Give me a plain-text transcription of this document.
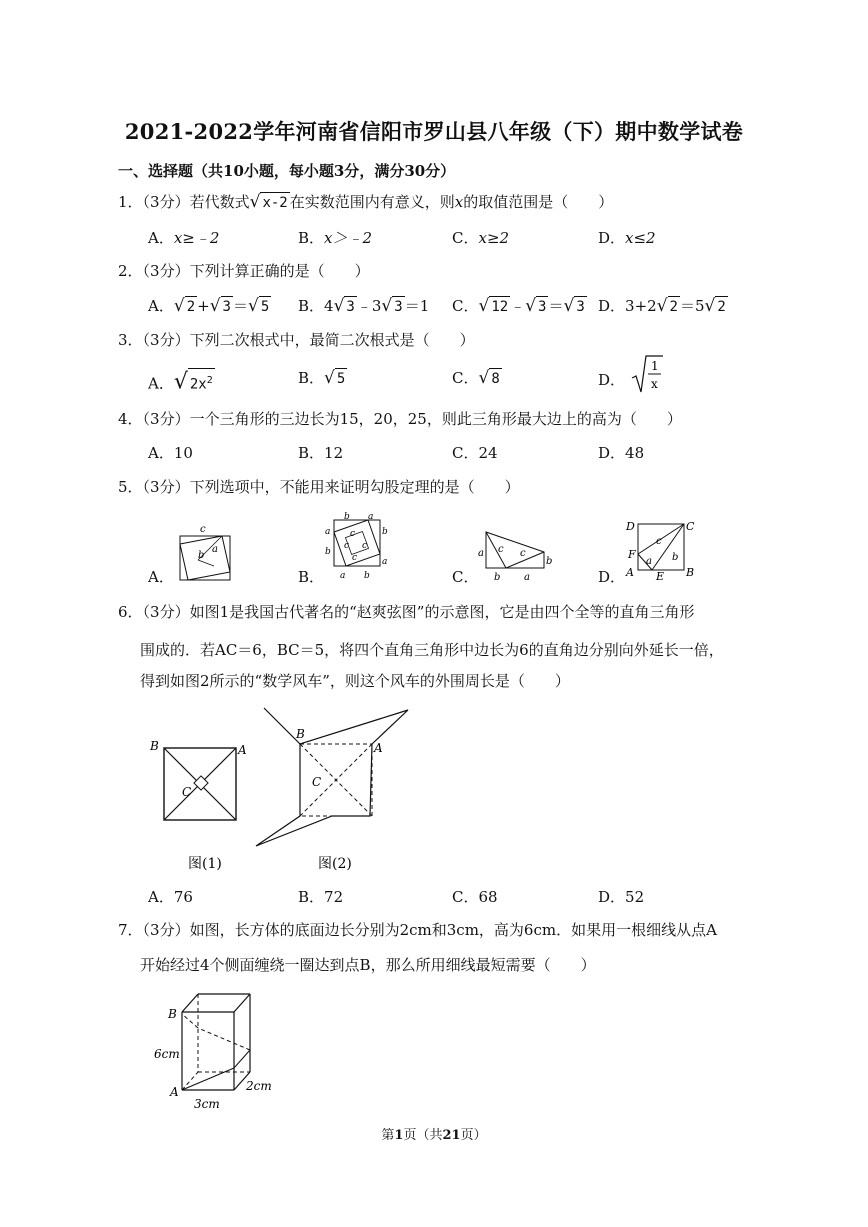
2021-2022学年河南省信阳市罗山县八年级（下）期中数学试卷
一、选择题（共10小题，每小题3分，满分30分）
1．（3分）若代数式√ x-2 在实数范围内有意义，则x的取值范围是（　　）
A．x≥﹣2	B．x＞﹣2	C．x≥2	D．x≤2
2．（3分）下列计算正确的是（　　）
A．√ 2 +√ 3 ＝√ 5 B．4√ 3 ﹣3√ 3 ＝1 C．√ 12 ﹣√ 3 ＝√ 3 D．3+2√ 2 ＝5√ 2
3．（3分）下列二次根式中，最简二次根式是（　　）
A．√ $2x^2$	B．√ 5	C．√ 8	D．
1
x
4．（3分）一个三角形的三边长为15，20，25，则此三角形最大边上的高为（　　）
A．10	B．12	C．24	D．48
5．（3分）下列选项中，不能用来证明勾股定理的是（　　）
A．	B．	C．	D．
c
a
b
b a
a
b
b
a
a b
c
c c
c	a c c
b
b a
D	C
F
A E B
c
a b
6．（3分）如图1是我国古代著名的“赵爽弦图”的示意图，它是由四个全等的直角三角形
围成的．若AC＝6，BC＝5，将四个直角三角形中边长为6的直角边分别向外延长一倍，
得到如图2所示的“数学风车”，则这个风车的外围周长是（　　）
B	A
C
图(1)
B
A
C
图(2)
A．76	B．72	C．68	D．52
7．（3分）如图，长方体的底面边长分别为2cm和3cm，高为6cm．如果用一根细线从点A
开始经过4个侧面缠绕一圈达到点B，那么所用细线最短需要（　　）
B
6cm
A
3cm
2cm
第1页（共21页）
